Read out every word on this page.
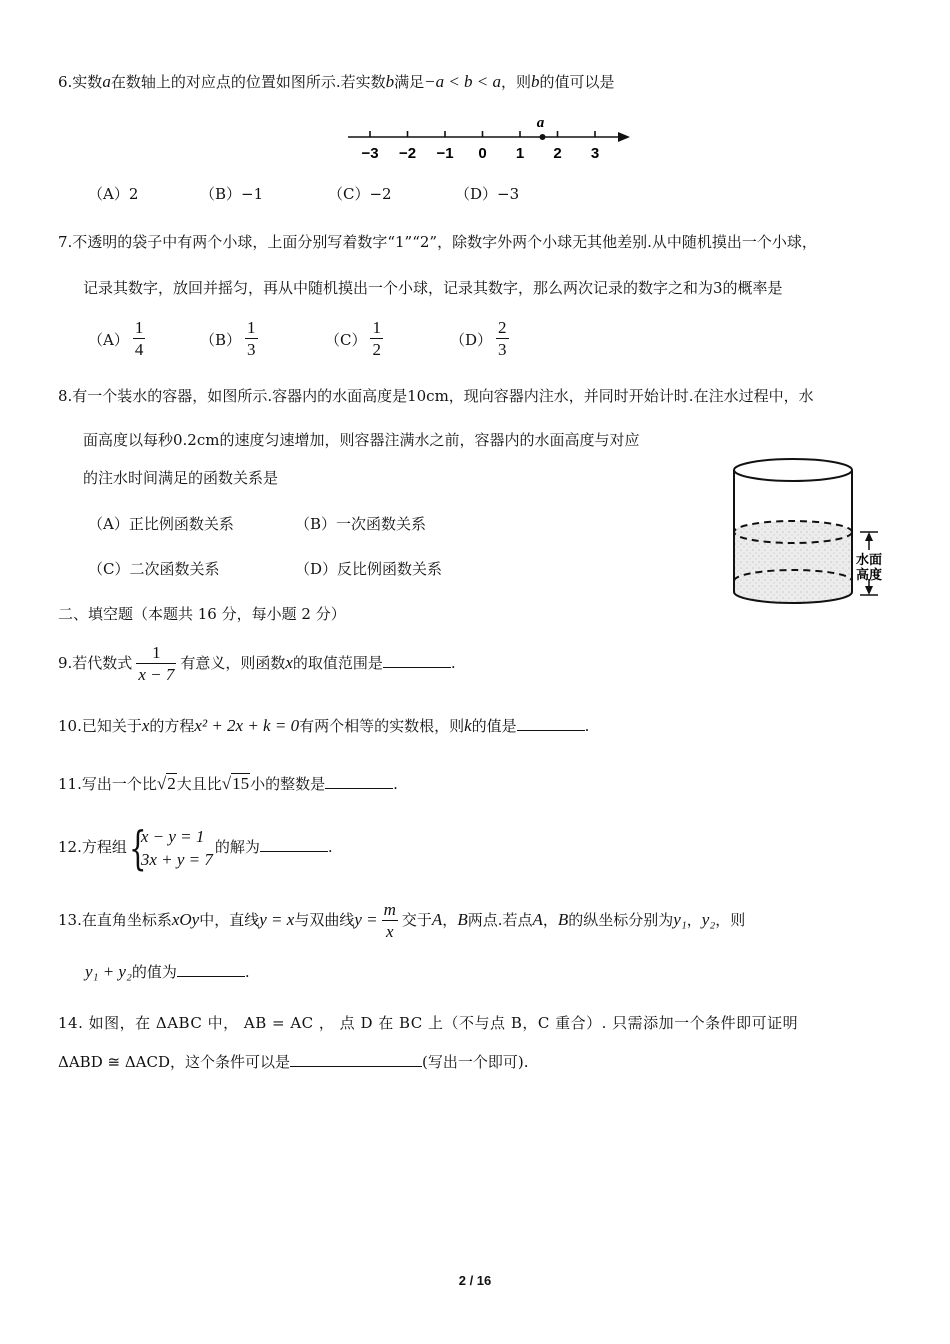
6.实数a在数轴上的对应点的位置如图所示.若实数b满足−a < b < a，则b的值可以是
−3 −2 −1 0 1 2 3
a
（A）2	（B）−1	（C）−2	（D）−3
7.不透明的袋子中有两个小球，上面分别写着数字“1”“2”，除数字外两个小球无其他差别.从中随机摸出一个小球，
记录其数字，放回并摇匀，再从中随机摸出一个小球，记录其数字，那么两次记录的数字之和为3的概率是
$(A) \frac{1}{4}$	$(B) \frac{1}{3}$	$(C) \frac{1}{2}$	$(D) \frac{2}{3}$
8.有一个装水的容器，如图所示.容器内的水面高度是10cm，现向容器内注水，并同时开始计时.在注水过程中，水
面高度以每秒0.2cm的速度匀速增加，则容器注满水之前，容器内的水面高度与对应
的注水时间满足的函数关系是
（A）正比例函数关系	（B）一次函数关系
（C）二次函数关系	（D）反比例函数关系	水面
高度
二、填空题（本题共 16 分，每小题 2 分）
9.若代数式 $\frac{1}{x - 7}$ 有意义，则函数x的取值范围是	.
10.已知关于x的方程x² + 2x + k = 0有两个相等的实数根，则k的值是	.
11.写出一个比√2大且比√15小的整数是	.
12.方程组 {
x − y = 1
3x + y = 7
的解为	.
13.在直角坐标系xOy中，直线y = x与双曲线$y = \frac{m}{x}$ 交于A，B两点.若点A，B的纵坐标分别为y₁，y₂，则
y₁ + y₂的值为	.
14. 如图，在 ΔABC 中， AB = AC ， 点 D 在 BC 上（不与点 B，C 重合）. 只需添加一个条件即可证明
ΔABD ≅ ΔACD，这个条件可以是	(写出一个即可).
2 / 16
